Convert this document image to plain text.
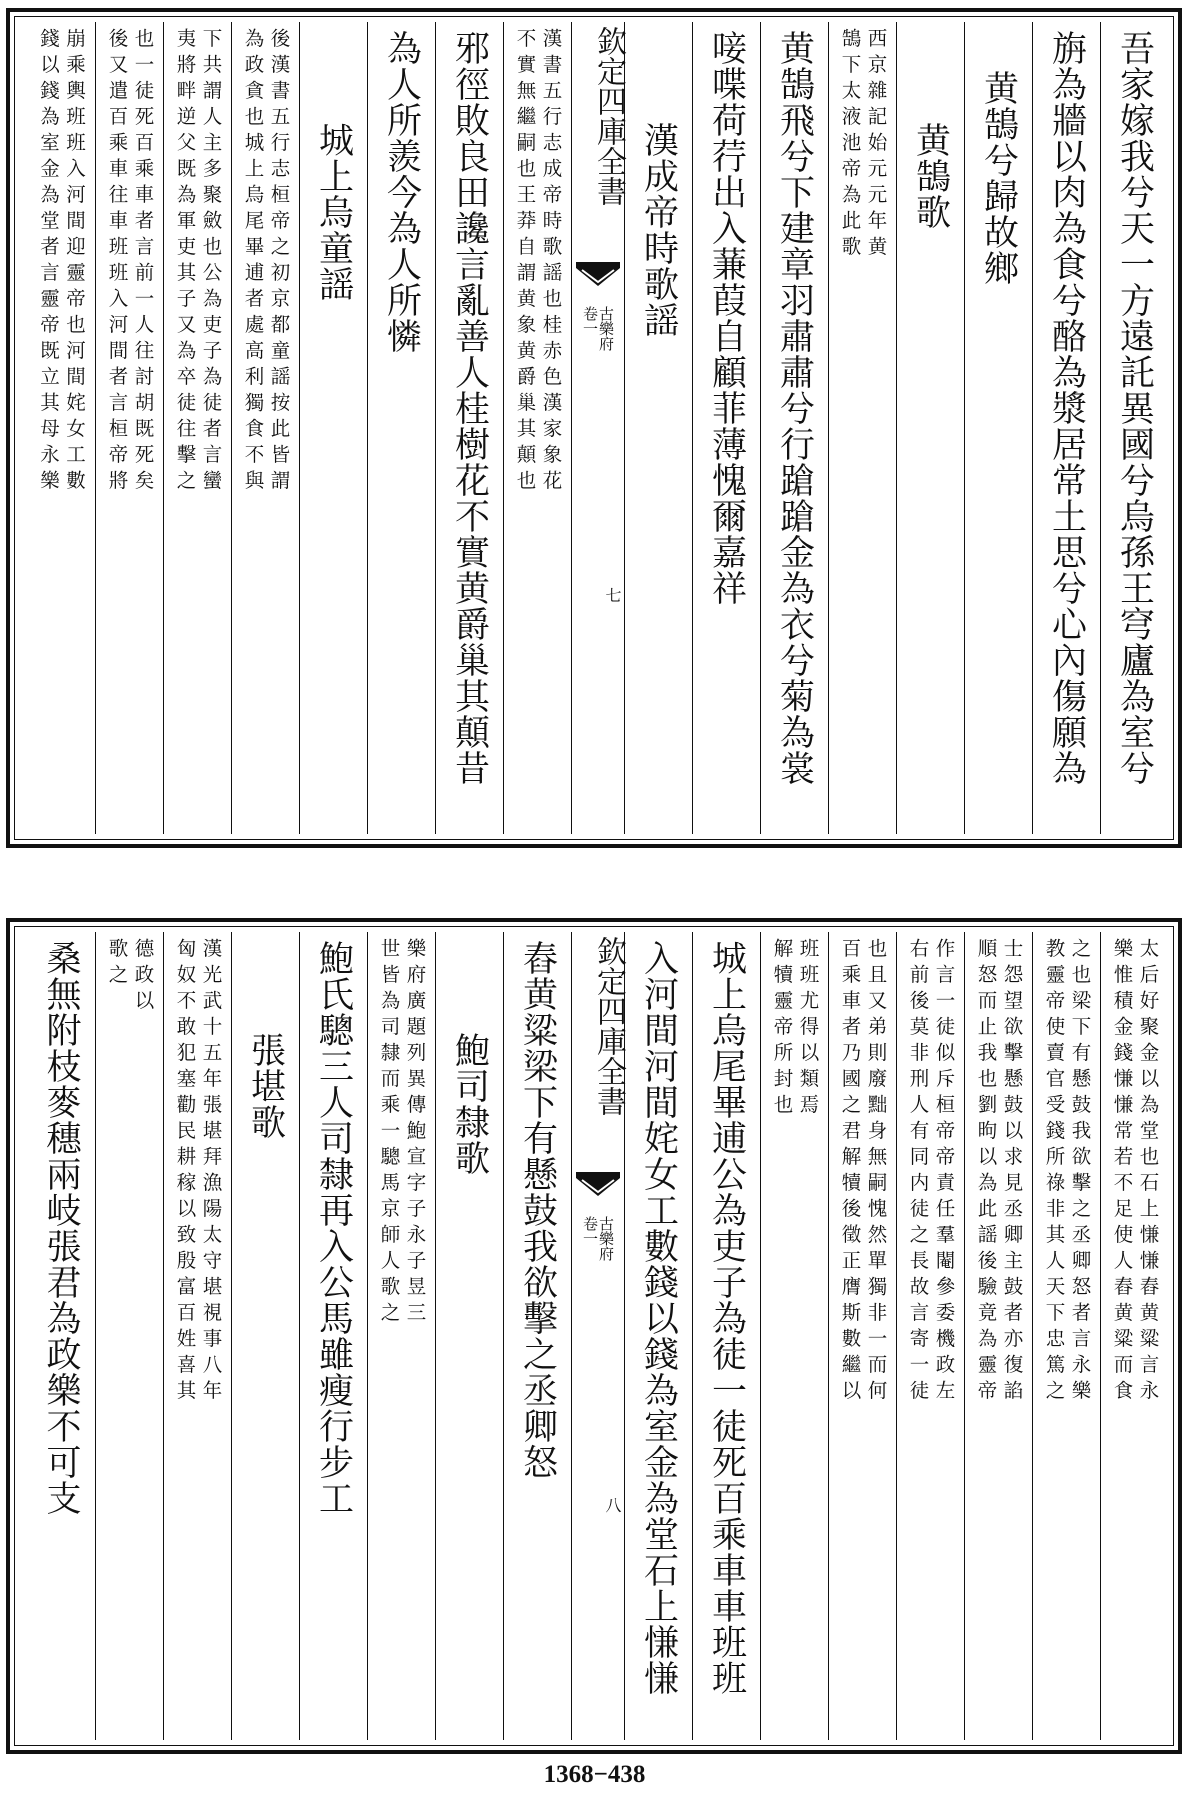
吾家嫁我兮天一方遠託異國兮烏孫王穹廬為室兮
旃為牆以肉為食兮酪為漿居常土思兮心內傷願為
黄鵠兮歸故鄉
黄鵠歌
西京雜記始元元年黄
鵠下太液池帝為此歌
黄鵠飛兮下建章羽肅肅兮行蹌蹌金為衣兮菊為裳
唼喋荷荇出入蒹葭自顧菲薄愧爾嘉祥
漢成帝時歌謡
欽定四庫全書
古樂府
卷一
七
漢書五行志成帝時歌謡也桂赤色漢家象花
不實無繼嗣也王莽自謂黄象黄爵巢其顛也
邪徑敗良田讒言亂善人桂樹花不實黄爵巢其顛昔
為人所羨今為人所憐
城上烏童謡
後漢書五行志桓帝之初京都童謡按此皆謂
為政貪也城上烏尾畢逋者處高利獨食不與
下共謂人主多聚斂也公為吏子為徒者言蠻
夷將畔逆父既為軍吏其子又為卒徒往擊之
也一徒死百乘車者言前一人往討胡既死矣
後又遣百乘車往車班班入河間者言桓帝將
崩乘輿班班入河間迎靈帝也河間姹女工數
錢以錢為室金為堂者言靈帝既立其母永樂
太后好聚金以為堂也石上慊慊舂黄粱言永
樂惟積金錢慊慊常若不足使人舂黄粱而食
之也梁下有懸鼓我欲擊之丞卿怒者言永樂
教靈帝使賣官受錢所祿非其人天下忠篤之
士怨望欲擊懸鼓以求見丞卿主鼓者亦復諂
順怒而止我也劉昫以為此謡後驗竟為靈帝
作言一徒似斥桓帝帝責任羣閹參委機政左
右前後莫非刑人有同内徒之長故言寄一徒
也且又弟則廢黜身無嗣愧然單獨非一而何
百乘車者乃國之君解犢後徵正膺斯數繼以
班班尤得以類焉
解犢靈帝所封也
城上烏尾畢逋公為吏子為徒一徒死百乘車車班班
入河間河間姹女工數錢以錢為室金為堂石上慊慊
欽定四庫全書
古樂府
卷一
八
舂黄粱梁下有懸鼓我欲擊之丞卿怒
鮑司隸歌
樂府廣題列異傳鮑宣字子永子昱三
世皆為司隸而乘一驄馬京師人歌之
鮑氏驄三人司隸再入公馬雖瘦行步工
張堪歌
漢光武十五年張堪拜漁陽太守堪視事八年
匈奴不敢犯塞勸民耕稼以致殷富百姓喜其
德政以
歌之
桑無附枝麥穗兩岐張君為政樂不可支
1368−438
